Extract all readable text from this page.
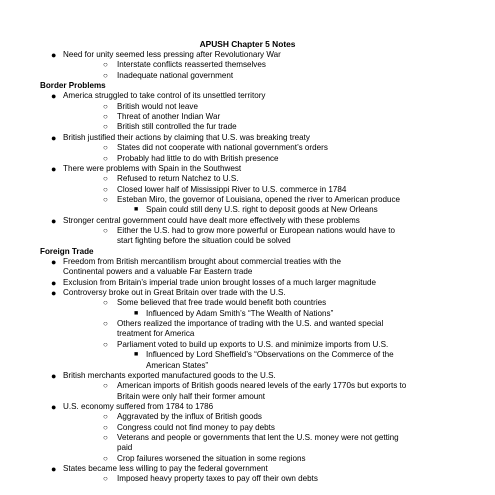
APUSH Chapter 5 Notes
● Need for unity seemed less pressing after Revolutionary War
○ Interstate conflicts reasserted themselves
○ Inadequate national government
Border Problems
● America struggled to take control of its unsettled territory
○ British would not leave
○ Threat of another Indian War
○ British still controlled the fur trade
● British justified their actions by claiming that U.S. was breaking treaty
○ States did not cooperate with national government’s orders
○ Probably had little to do with British presence
● There were problems with Spain in the Southwest
○ Refused to return Natchez to U.S.
○ Closed lower half of Mississippi River to U.S. commerce in 1784
○ Esteban Miro, the governor of Louisiana, opened the river to American produce
■ Spain could still deny U.S. right to deposit goods at New Orleans
● Stronger central government could have dealt more effectively with these problems
○ Either the U.S. had to grow more powerful or European nations would have to
start fighting before the situation could be solved
Foreign Trade
● Freedom from British mercantilism brought about commercial treaties with the
Continental powers and a valuable Far Eastern trade
● Exclusion from Britain’s imperial trade union brought losses of a much larger magnitude
● Controversy broke out in Great Britain over trade with the U.S.
○ Some believed that free trade would benefit both countries
■ Influenced by Adam Smith’s “The Wealth of Nations”
○ Others realized the importance of trading with the U.S. and wanted special
treatment for America
○ Parliament voted to build up exports to U.S. and minimize imports from U.S.
■ Influenced by Lord Sheffield’s “Observations on the Commerce of the
American States”
● British merchants exported manufactured goods to the U.S.
○ American imports of British goods neared levels of the early 1770s but exports to
Britain were only half their former amount
● U.S. economy suffered from 1784 to 1786
○ Aggravated by the influx of British goods
○ Congress could not find money to pay debts
○ Veterans and people or governments that lent the U.S. money were not getting
paid
○ Crop failures worsened the situation in some regions
● States became less willing to pay the federal government
○ Imposed heavy property taxes to pay off their own debts
